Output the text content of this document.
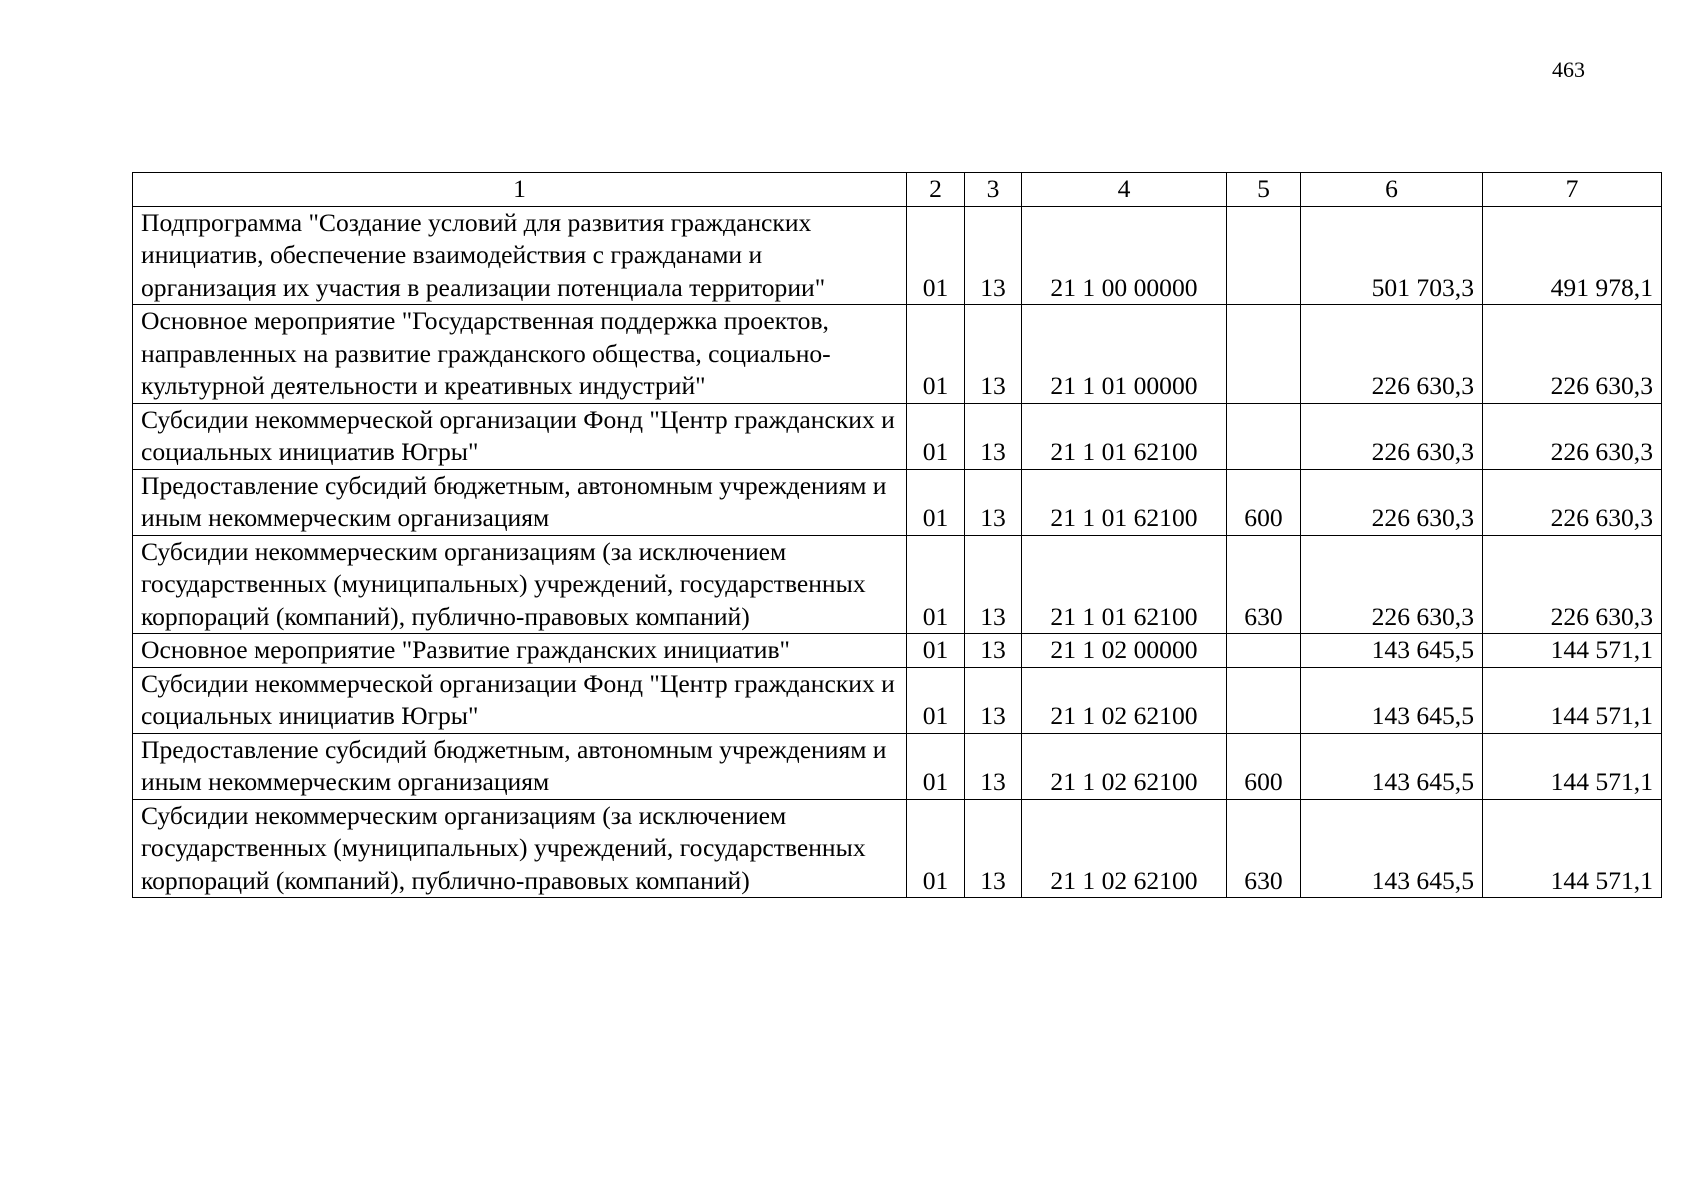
463
1	2	3	4	5	6	7
Подпрограмма "Создание условий для развития гражданских инициатив, обеспечение взаимодействия с гражданами и организация их участия в реализации потенциала территории"	01	13	21 1 00 00000		501 703,3	491 978,1
Основное мероприятие "Государственная поддержка проектов, направленных на развитие гражданского общества, социально-культурной деятельности и креативных индустрий"	01	13	21 1 01 00000		226 630,3	226 630,3
Субсидии некоммерческой организации Фонд "Центр гражданских и социальных инициатив Югры"	01	13	21 1 01 62100		226 630,3	226 630,3
Предоставление субсидий бюджетным, автономным учреждениям и иным некоммерческим организациям	01	13	21 1 01 62100	600	226 630,3	226 630,3
Субсидии некоммерческим организациям (за исключением государственных (муниципальных) учреждений, государственных корпораций (компаний), публично-правовых компаний)	01	13	21 1 01 62100	630	226 630,3	226 630,3
Основное мероприятие "Развитие гражданских инициатив"	01	13	21 1 02 00000		143 645,5	144 571,1
Субсидии некоммерческой организации Фонд "Центр гражданских и социальных инициатив Югры"	01	13	21 1 02 62100		143 645,5	144 571,1
Предоставление субсидий бюджетным, автономным учреждениям и иным некоммерческим организациям	01	13	21 1 02 62100	600	143 645,5	144 571,1
Субсидии некоммерческим организациям (за исключением государственных (муниципальных) учреждений, государственных корпораций (компаний), публично-правовых компаний)	01	13	21 1 02 62100	630	143 645,5	144 571,1
